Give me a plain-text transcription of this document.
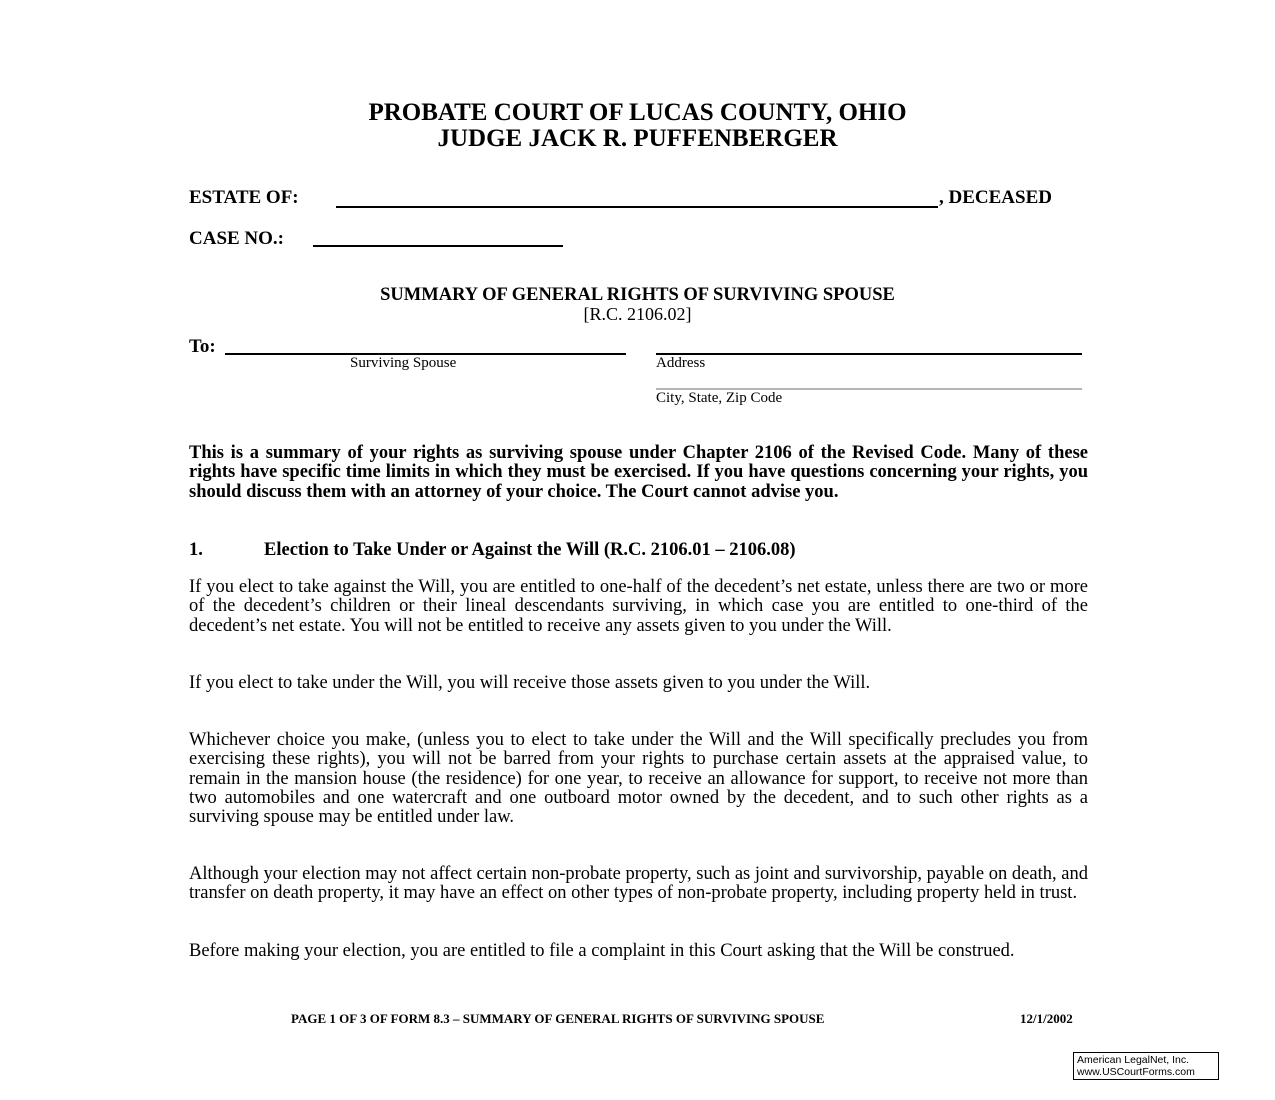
PROBATE COURT OF LUCAS COUNTY, OHIO
JUDGE JACK R. PUFFENBERGER
ESTATE OF:	, DECEASED
CASE NO.:
SUMMARY OF GENERAL RIGHTS OF SURVIVING SPOUSE
[R.C. 2106.02]
To:
Surviving Spouse	Address
City, State, Zip Code
This is a summary of your rights as surviving spouse under Chapter 2106 of the Revised Code. Many of these rights have specific time limits in which they must be exercised. If you have questions concerning your rights, you should discuss them with an attorney of your choice. The Court cannot advise you.
1.	Election to Take Under or Against the Will (R.C. 2106.01 – 2106.08)
If you elect to take against the Will, you are entitled to one-half of the decedent’s net estate, unless there are two or more of the decedent’s children or their lineal descendants surviving, in which case you are entitled to one-third of the decedent’s net estate. You will not be entitled to receive any assets given to you under the Will.
If you elect to take under the Will, you will receive those assets given to you under the Will.
Whichever choice you make, (unless you to elect to take under the Will and the Will specifically precludes you from exercising these rights), you will not be barred from your rights to purchase certain assets at the appraised value, to remain in the mansion house (the residence) for one year, to receive an allowance for support, to receive not more than two automobiles and one watercraft and one outboard motor owned by the decedent, and to such other rights as a surviving spouse may be entitled under law.
Although your election may not affect certain non-probate property, such as joint and survivorship, payable on death, and transfer on death property, it may have an effect on other types of non-probate property, including property held in trust.
Before making your election, you are entitled to file a complaint in this Court asking that the Will be construed.
PAGE 1 OF 3 OF FORM 8.3 – SUMMARY OF GENERAL RIGHTS OF SURVIVING SPOUSE	12/1/2002
American LegalNet, Inc.
www.USCourtForms.com
